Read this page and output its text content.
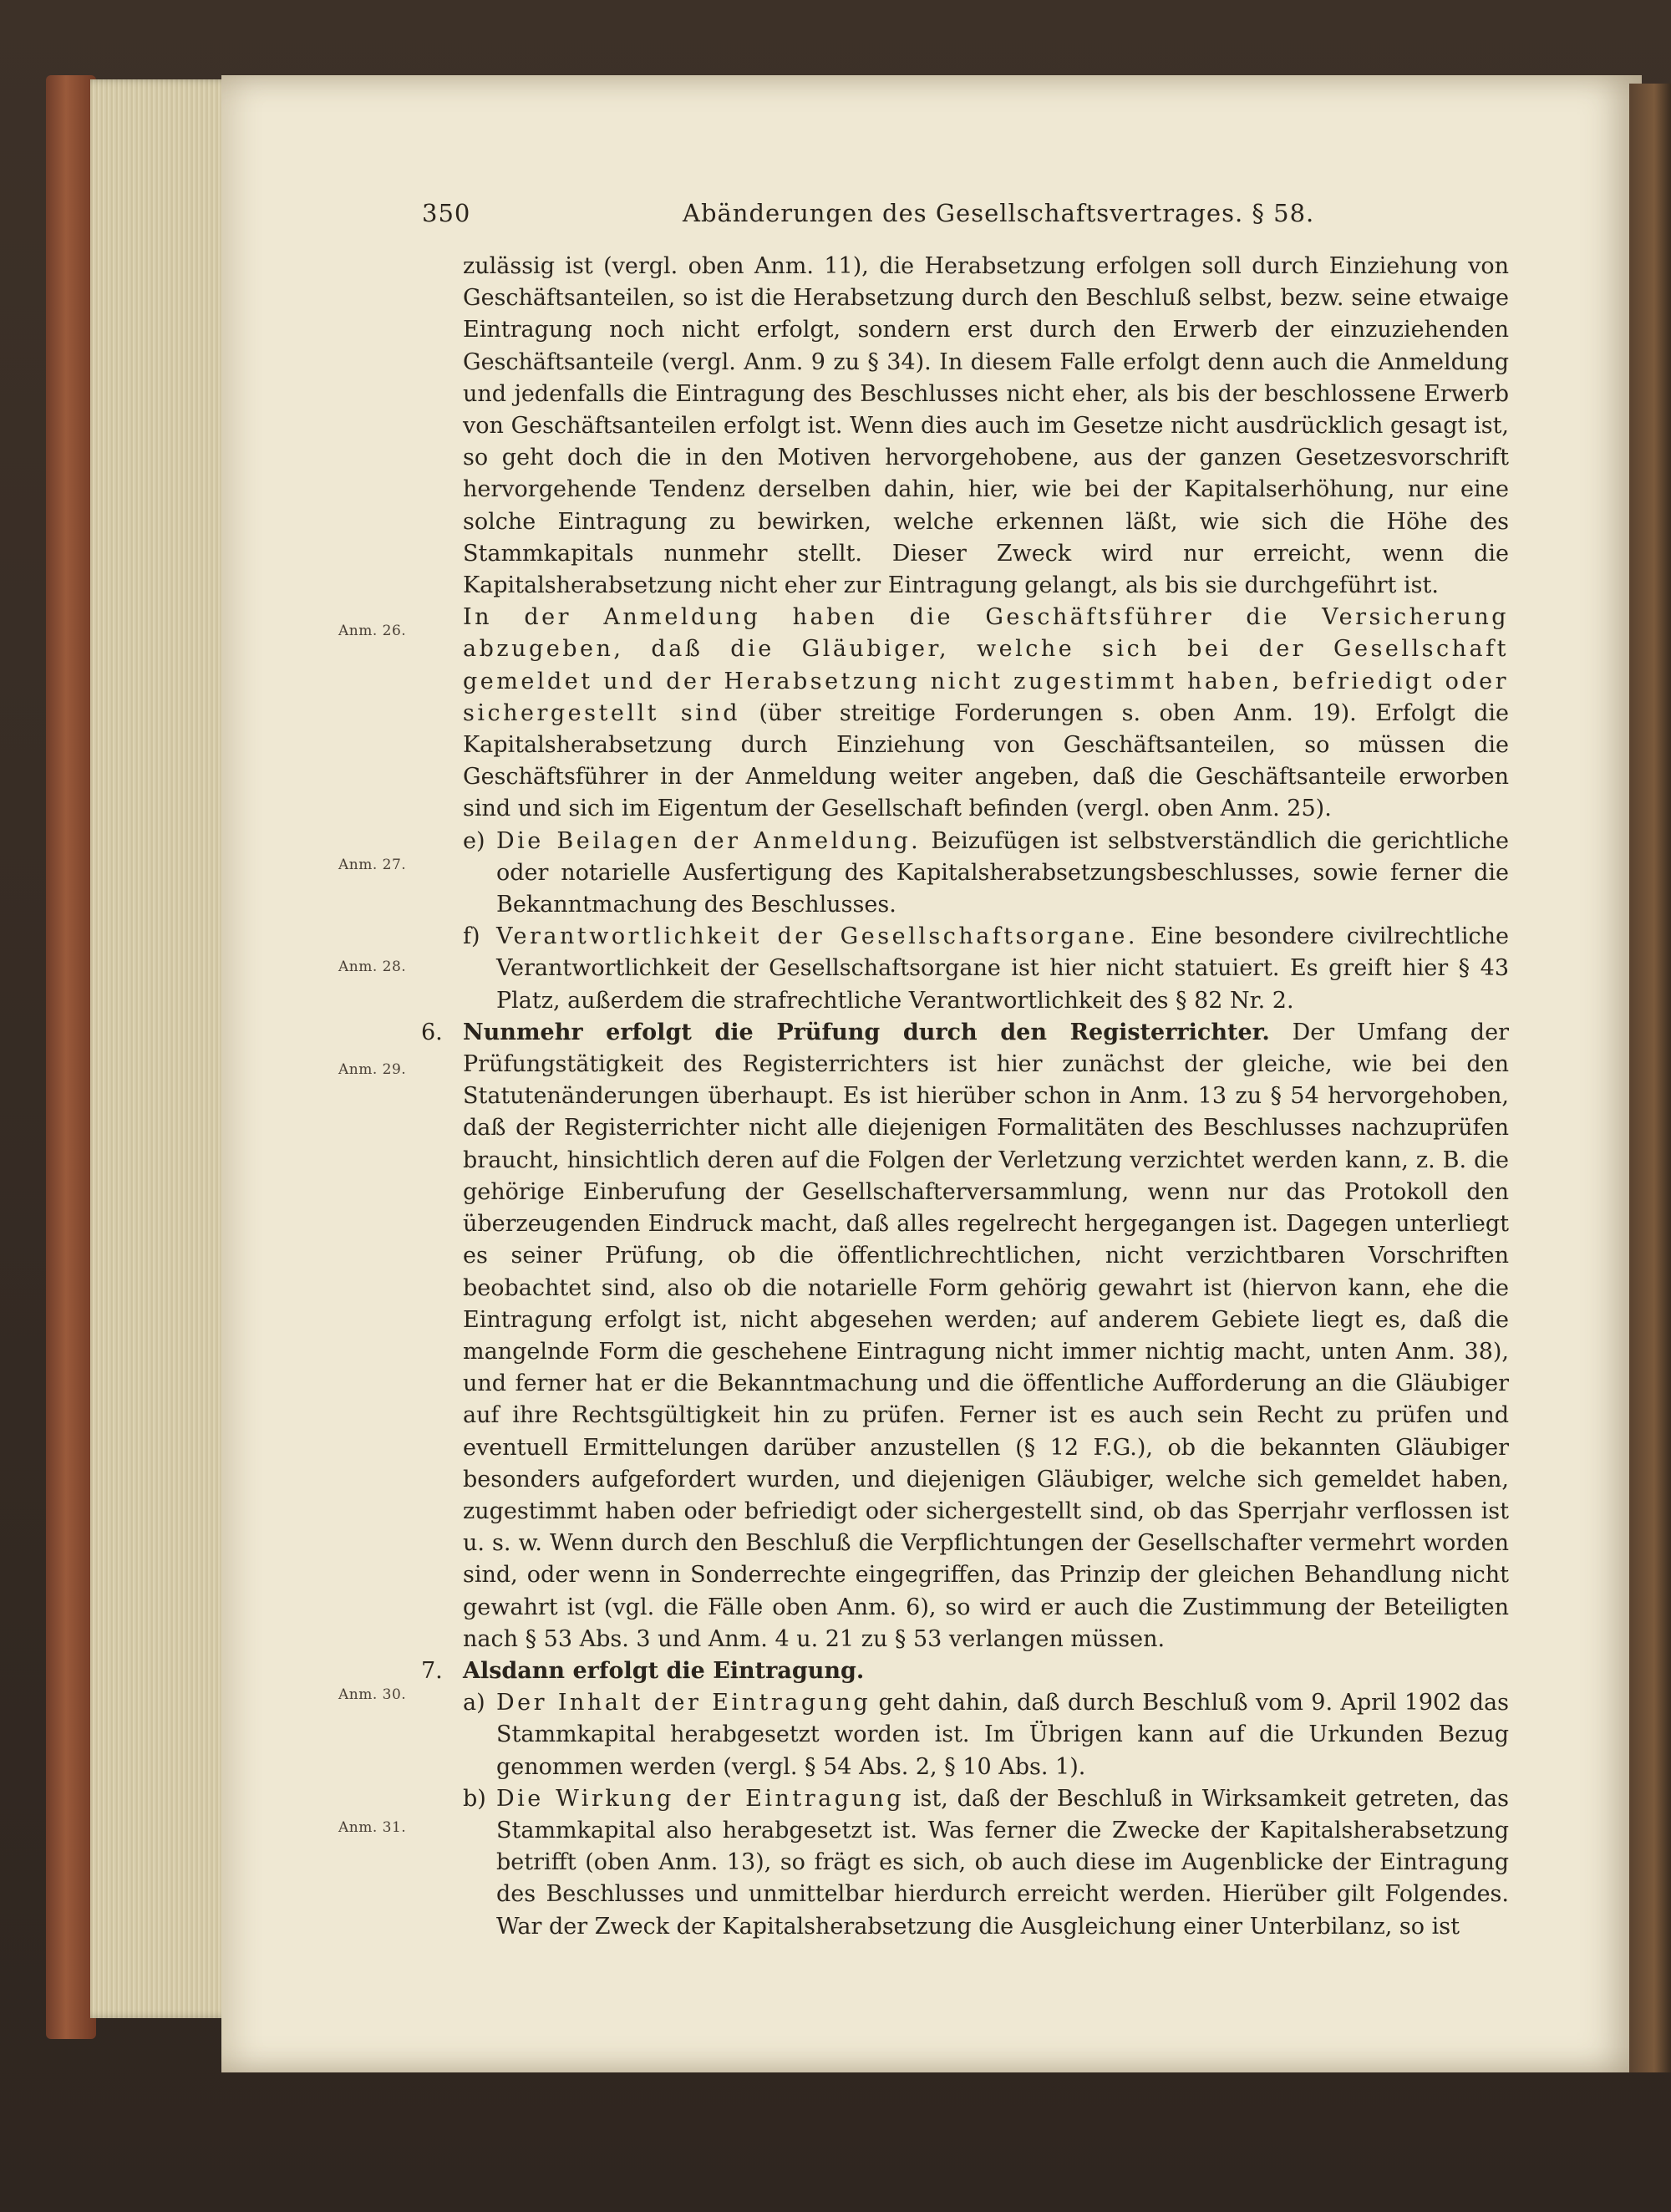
350	Abänderungen des Gesellschaftsvertrages. § 58.
Anm. 26.
Anm. 27.
Anm. 28.
Anm. 29.
Anm. 30.
Anm. 31.

zulässig ist (vergl. oben Anm. 11), die Herabsetzung erfolgen soll durch Einziehung von Geschäftsanteilen, so ist die Herabsetzung durch den Beschluß selbst, bezw. seine etwaige Eintragung noch nicht erfolgt, sondern erst durch den Erwerb der einzuziehenden Geschäftsanteile (vergl. Anm. 9 zu § 34). In diesem Falle erfolgt denn auch die Anmeldung und jedenfalls die Eintragung des Beschlusses nicht eher, als bis der beschlossene Erwerb von Geschäftsanteilen erfolgt ist. Wenn dies auch im Gesetze nicht ausdrücklich gesagt ist, so geht doch die in den Motiven hervorgehobene, aus der ganzen Gesetzesvorschrift hervorgehende Tendenz derselben dahin, hier, wie bei der Kapitalserhöhung, nur eine solche Eintragung zu bewirken, welche erkennen läßt, wie sich die Höhe des Stammkapitals nunmehr stellt. Dieser Zweck wird nur erreicht, wenn die Kapitalsherabsetzung nicht eher zur Eintragung gelangt, als bis sie durchgeführt ist.

In der Anmeldung haben die Geschäftsführer die Versicherung abzugeben, daß die Gläubiger, welche sich bei der Gesellschaft gemeldet und der Herabsetzung nicht zugestimmt haben, befriedigt oder sichergestellt sind (über streitige Forderungen s. oben Anm. 19). Erfolgt die Kapitalsherabsetzung durch Einziehung von Geschäftsanteilen, so müssen die Geschäftsführer in der Anmeldung weiter angeben, daß die Geschäftsanteile erworben sind und sich im Eigentum der Gesellschaft befinden (vergl. oben Anm. 25).

e) Die Beilagen der Anmeldung. Beizufügen ist selbstverständlich die gerichtliche oder notarielle Ausfertigung des Kapitalsherabsetzungsbeschlusses, sowie ferner die Bekanntmachung des Beschlusses.

f) Verantwortlichkeit der Gesellschaftsorgane. Eine besondere civilrechtliche Verantwortlichkeit der Gesellschaftsorgane ist hier nicht statuiert. Es greift hier § 43 Platz, außerdem die strafrechtliche Verantwortlichkeit des § 82 Nr. 2.

6. Nunmehr erfolgt die Prüfung durch den Registerrichter. Der Umfang der Prüfungstätigkeit des Registerrichters ist hier zunächst der gleiche, wie bei den Statutenänderungen überhaupt. Es ist hierüber schon in Anm. 13 zu § 54 hervorgehoben, daß der Registerrichter nicht alle diejenigen Formalitäten des Beschlusses nachzuprüfen braucht, hinsichtlich deren auf die Folgen der Verletzung verzichtet werden kann, z. B. die gehörige Einberufung der Gesellschafterversammlung, wenn nur das Protokoll den überzeugenden Eindruck macht, daß alles regelrecht hergegangen ist. Dagegen unterliegt es seiner Prüfung, ob die öffentlichrechtlichen, nicht verzichtbaren Vorschriften beobachtet sind, also ob die notarielle Form gehörig gewahrt ist (hiervon kann, ehe die Eintragung erfolgt ist, nicht abgesehen werden; auf anderem Gebiete liegt es, daß die mangelnde Form die geschehene Eintragung nicht immer nichtig macht, unten Anm. 38), und ferner hat er die Bekanntmachung und die öffentliche Aufforderung an die Gläubiger auf ihre Rechtsgültigkeit hin zu prüfen. Ferner ist es auch sein Recht zu prüfen und eventuell Ermittelungen darüber anzustellen (§ 12 F.G.), ob die bekannten Gläubiger besonders aufgefordert wurden, und diejenigen Gläubiger, welche sich gemeldet haben, zugestimmt haben oder befriedigt oder sichergestellt sind, ob das Sperrjahr verflossen ist u. s. w. Wenn durch den Beschluß die Verpflichtungen der Gesellschafter vermehrt worden sind, oder wenn in Sonderrechte eingegriffen, das Prinzip der gleichen Behandlung nicht gewahrt ist (vgl. die Fälle oben Anm. 6), so wird er auch die Zustimmung der Beteiligten nach § 53 Abs. 3 und Anm. 4 u. 21 zu § 53 verlangen müssen.

7. Alsdann erfolgt die Eintragung.

a) Der Inhalt der Eintragung geht dahin, daß durch Beschluß vom 9. April 1902 das Stammkapital herabgesetzt worden ist. Im Übrigen kann auf die Urkunden Bezug genommen werden (vergl. § 54 Abs. 2, § 10 Abs. 1).

b) Die Wirkung der Eintragung ist, daß der Beschluß in Wirksamkeit getreten, das Stammkapital also herabgesetzt ist. Was ferner die Zwecke der Kapitalsherabsetzung betrifft (oben Anm. 13), so frägt es sich, ob auch diese im Augenblicke der Eintragung des Beschlusses und unmittelbar hierdurch erreicht werden. Hierüber gilt Folgendes. War der Zweck der Kapitalsherabsetzung die Ausgleichung einer Unterbilanz, so ist
